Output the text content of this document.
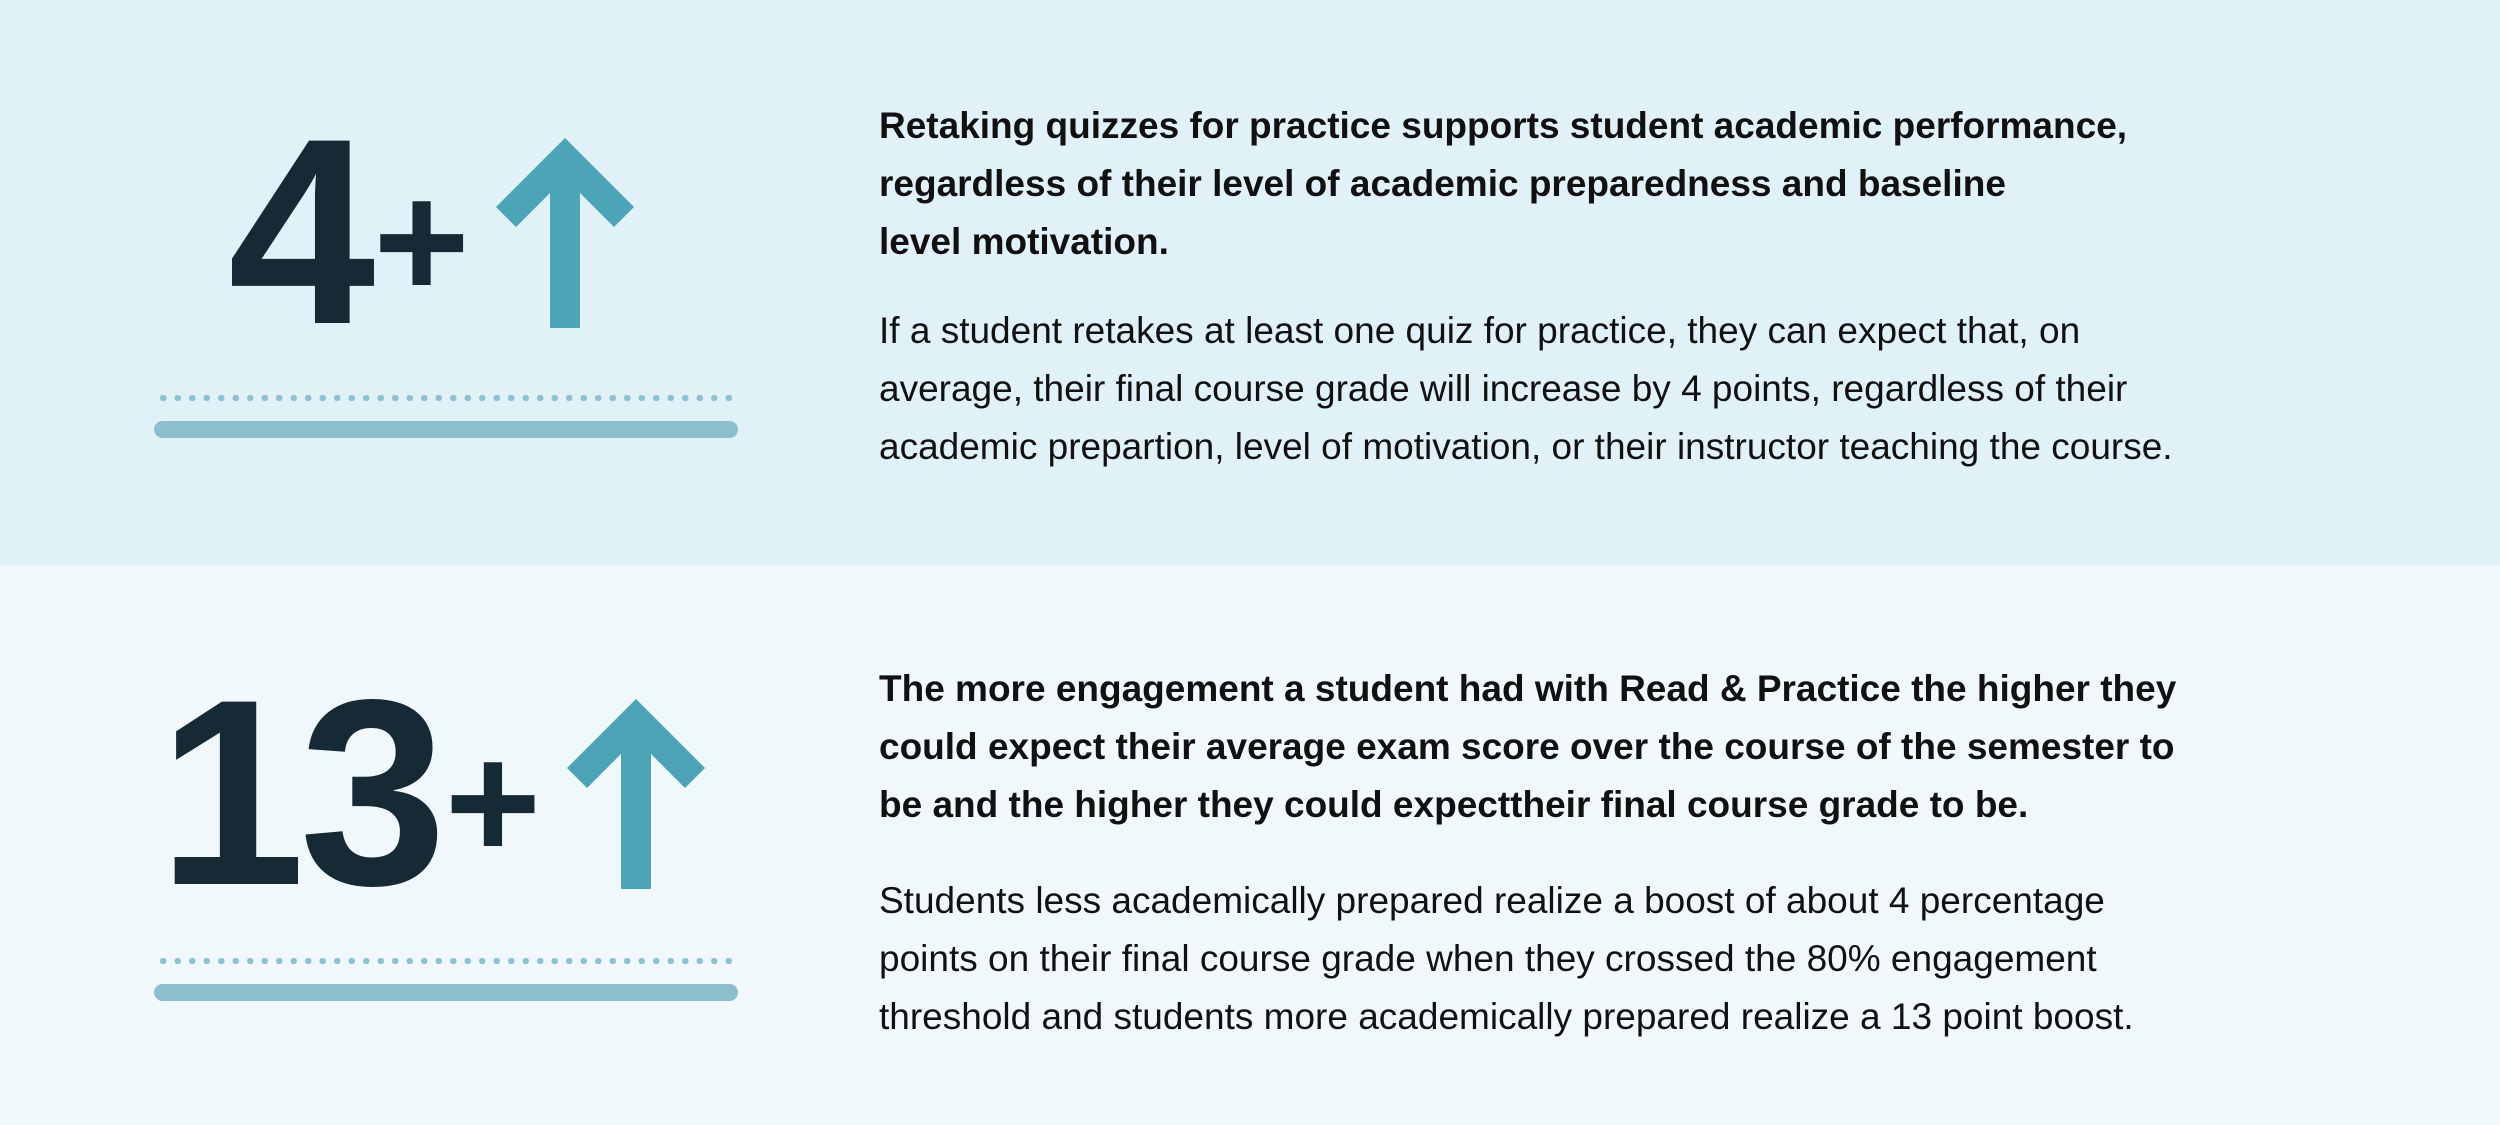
4 +
Retaking quizzes for practice supports student academic performance,
regardless of their level of academic preparedness and baseline
level motivation.

If a student retakes at least one quiz for practice, they can expect that, on
average, their final course grade will increase by 4 points, regardless of their
academic prepartion, level of motivation, or their instructor teaching the course.

13 +
The more engagement a student had with Read & Practice the higher they
could expect their average exam score over the course of the semester to
be and the higher they could expecttheir final course grade to be.

Students less academically prepared realize a boost of about 4 percentage
points on their final course grade when they crossed the 80% engagement
threshold and students more academically prepared realize a 13 point boost.
